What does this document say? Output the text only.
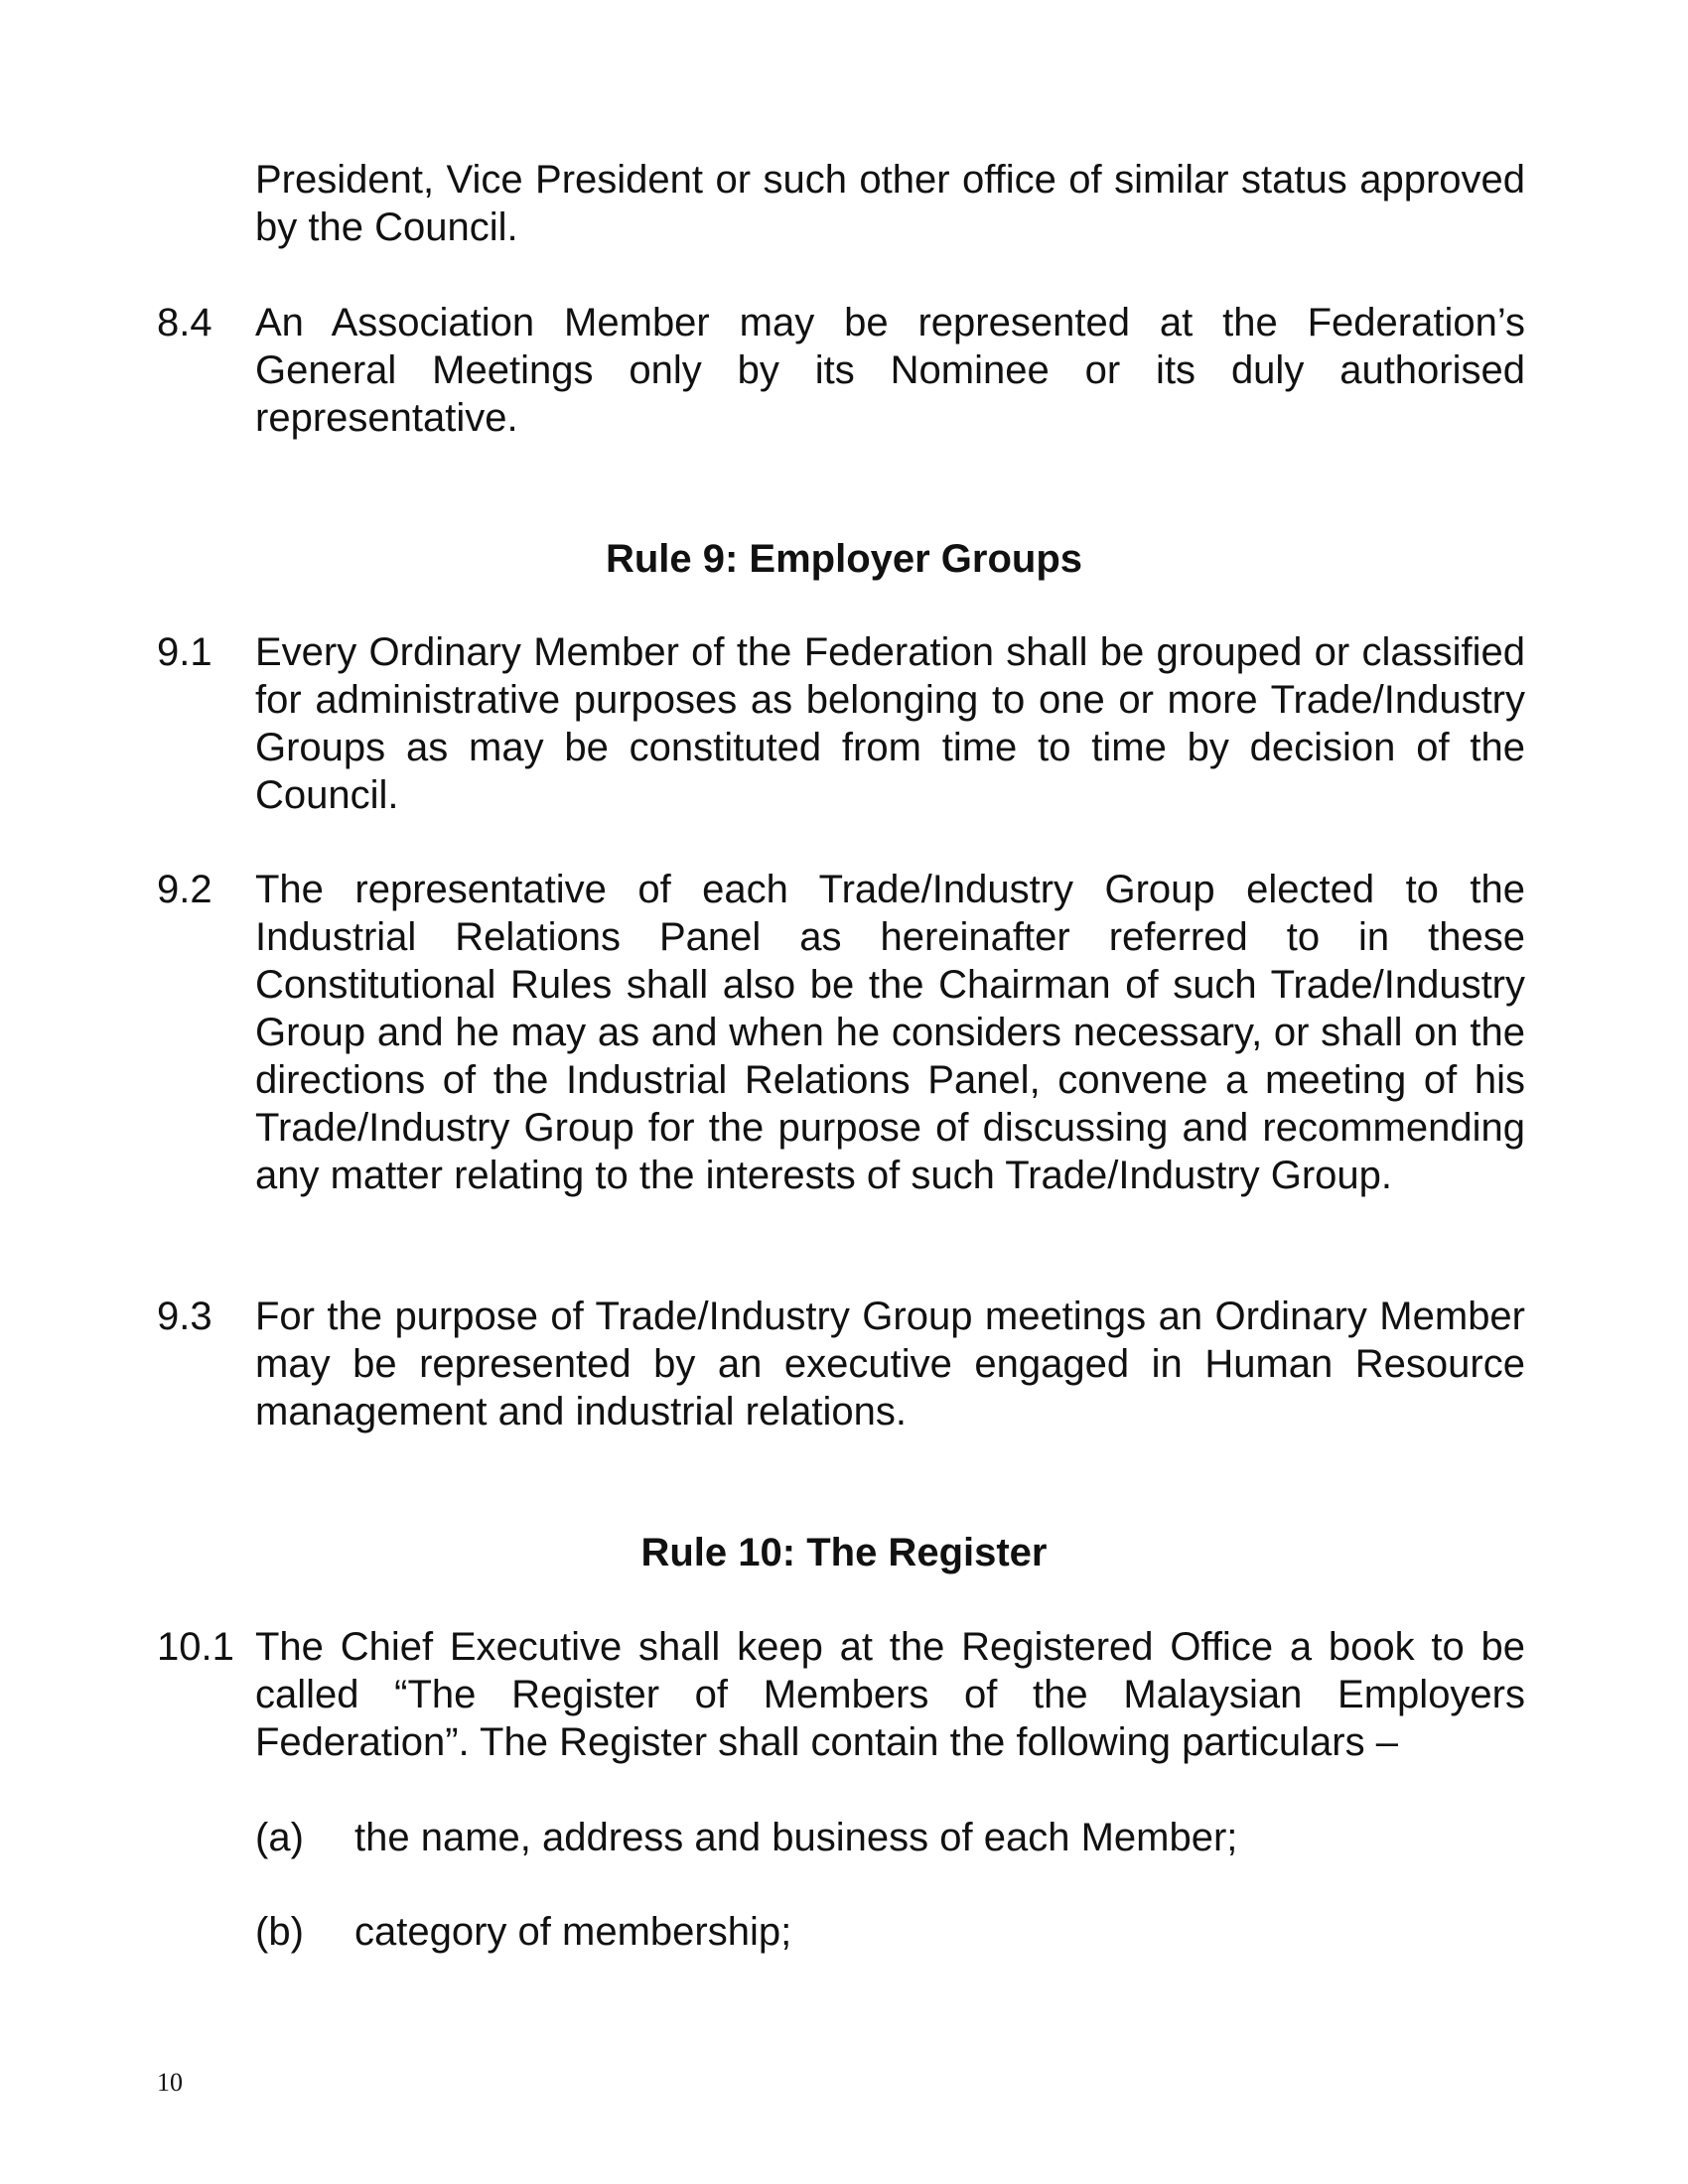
President, Vice President or such other office of similar status approved by the Council.
8.4 An Association Member may be represented at the Federation’s General Meetings only by its Nominee or its duly authorised representative.
Rule 9: Employer Groups
9.1 Every Ordinary Member of the Federation shall be grouped or classified for administrative purposes as belonging to one or more Trade/Industry Groups as may be constituted from time to time by decision of the Council.
9.2 The representative of each Trade/Industry Group elected to the Industrial Relations Panel as hereinafter referred to in these Constitutional Rules shall also be the Chairman of such Trade/Industry Group and he may as and when he considers necessary, or shall on the directions of the Industrial Relations Panel, convene a meeting of his Trade/Industry Group for the purpose of discussing and recommending any matter relating to the interests of such Trade/Industry Group.
9.3 For the purpose of Trade/Industry Group meetings an Ordinary Member may be represented by an executive engaged in Human Resource management and industrial relations.
Rule 10: The Register
10.1 The Chief Executive shall keep at the Registered Office a book to be called “The Register of Members of the Malaysian Employers Federation”. The Register shall contain the following particulars –
(a) the name, address and business of each Member;
(b) category of membership;
10
